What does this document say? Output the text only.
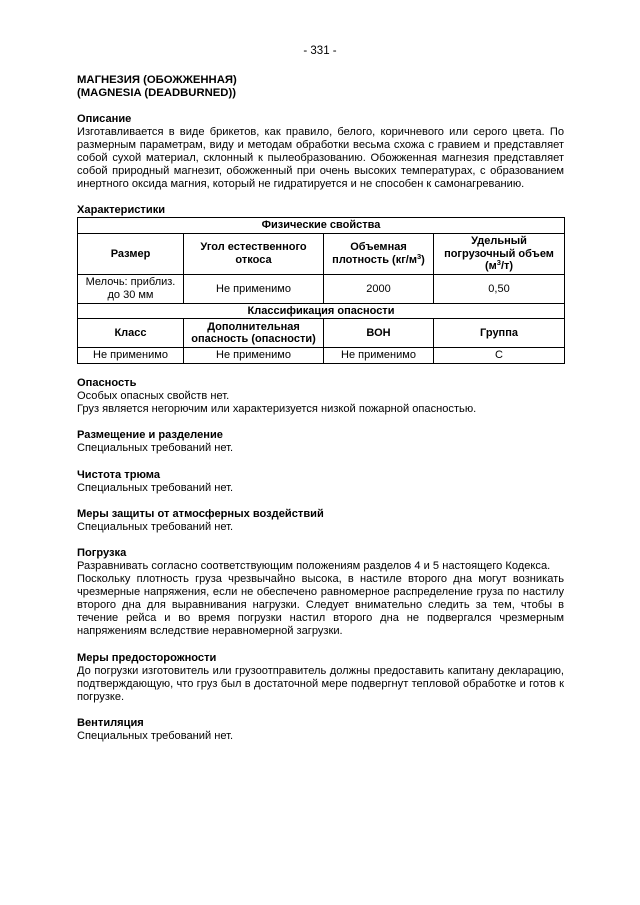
- 331 -
МАГНЕЗИЯ (ОБОЖЖЕННАЯ)
(MAGNESIA (DEADBURNED))
Описание

Изготавливается в виде брикетов, как правило, белого, коричневого или серого цвета. По размерным параметрам, виду и методам обработки весьма схожа с гравием и представляет собой сухой материал, склонный к пылеобразованию. Обожженная магнезия представляет собой природный магнезит, обожженный при очень высоких температурах, с образованием инертного оксида магния, который не гидратируется и не способен к самонагреванию.

Характеристики
Физические свойства			
Размер	Угол естественного откоса	Объемная плотность $(кг/м^3)$	Удельный погрузочный объем $(м^3/т)$
Мелочь: приблиз. до 30 мм	Не применимо	2000	0,50
Классификация опасности			
Класс	Дополнительная опасность (опасности)	ВОН	Группа
Не применимо	Не применимо	Не применимо	С
Опасность

Особых опасных свойств нет.

Груз является негорючим или характеризуется низкой пожарной опасностью.

Размещение и разделение

Специальных требований нет.

Чистота трюма

Специальных требований нет.

Меры защиты от атмосферных воздействий

Специальных требований нет.

Погрузка

Разравнивать согласно соответствующим положениям разделов 4 и 5 настоящего Кодекса.

Поскольку плотность груза чрезвычайно высока, в настиле второго дна могут возникать чрезмерные напряжения, если не обеспечено равномерное распределение груза по настилу второго дна для выравнивания нагрузки. Следует внимательно следить за тем, чтобы в течение рейса и во время погрузки настил второго дна не подвергался чрезмерным напряжениям вследствие неравномерной загрузки.

Меры предосторожности

До погрузки изготовитель или грузоотправитель должны предоставить капитану декларацию, подтверждающую, что груз был в достаточной мере подвергнут тепловой обработке и готов к погрузке.

Вентиляция

Специальных требований нет.
